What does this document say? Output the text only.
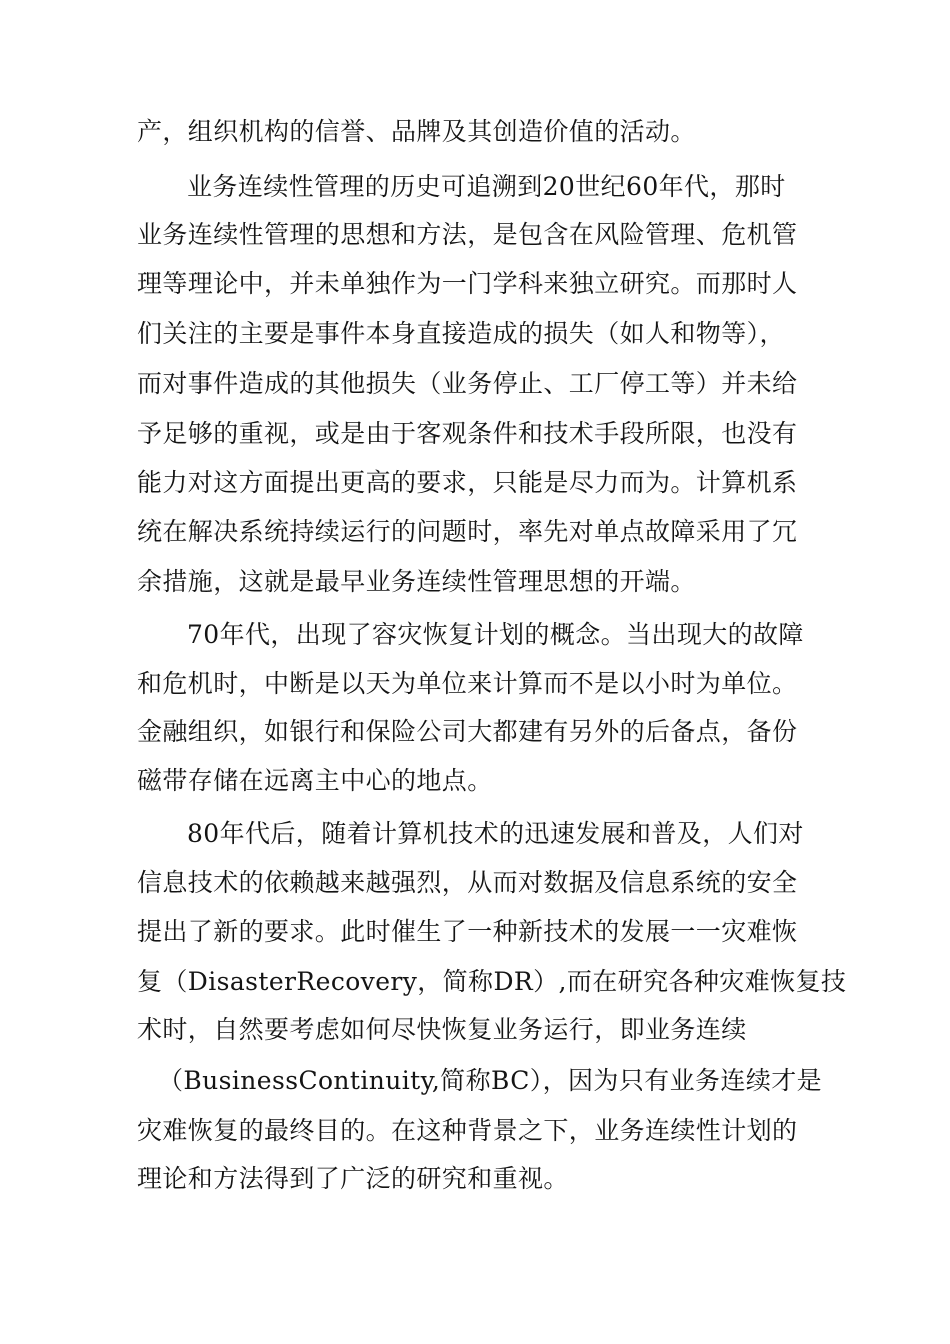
产，组织机构的信誉、品牌及其创造价值的活动。

业务连续性管理的历史可追溯到20世纪60年代，那时

业务连续性管理的思想和方法，是包含在风险管理、危机管

理等理论中，并未单独作为一门学科来独立研究。而那时人

们关注的主要是事件本身直接造成的损失（如人和物等），

而对事件造成的其他损失（业务停止、工厂停工等）并未给

予足够的重视，或是由于客观条件和技术手段所限，也没有

能力对这方面提出更高的要求，只能是尽力而为。计算机系

统在解决系统持续运行的问题时，率先对单点故障采用了冗

余措施，这就是最早业务连续性管理思想的开端。

70年代，出现了容灾恢复计划的概念。当出现大的故障

和危机时，中断是以天为单位来计算而不是以小时为单位。

金融组织，如银行和保险公司大都建有另外的后备点，备份

磁带存储在远离主中心的地点。

80年代后，随着计算机技术的迅速发展和普及，人们对

信息技术的依赖越来越强烈，从而对数据及信息系统的安全

提出了新的要求。此时催生了一种新技术的发展一一灾难恢

复（DisasterRecovery，简称DR）,而在研究各种灾难恢复技

术时，自然要考虑如何尽快恢复业务运行，即业务连续

（BusinessContinuity,简称BC），因为只有业务连续才是

灾难恢复的最终目的。在这种背景之下，业务连续性计划的

理论和方法得到了广泛的研究和重视。
